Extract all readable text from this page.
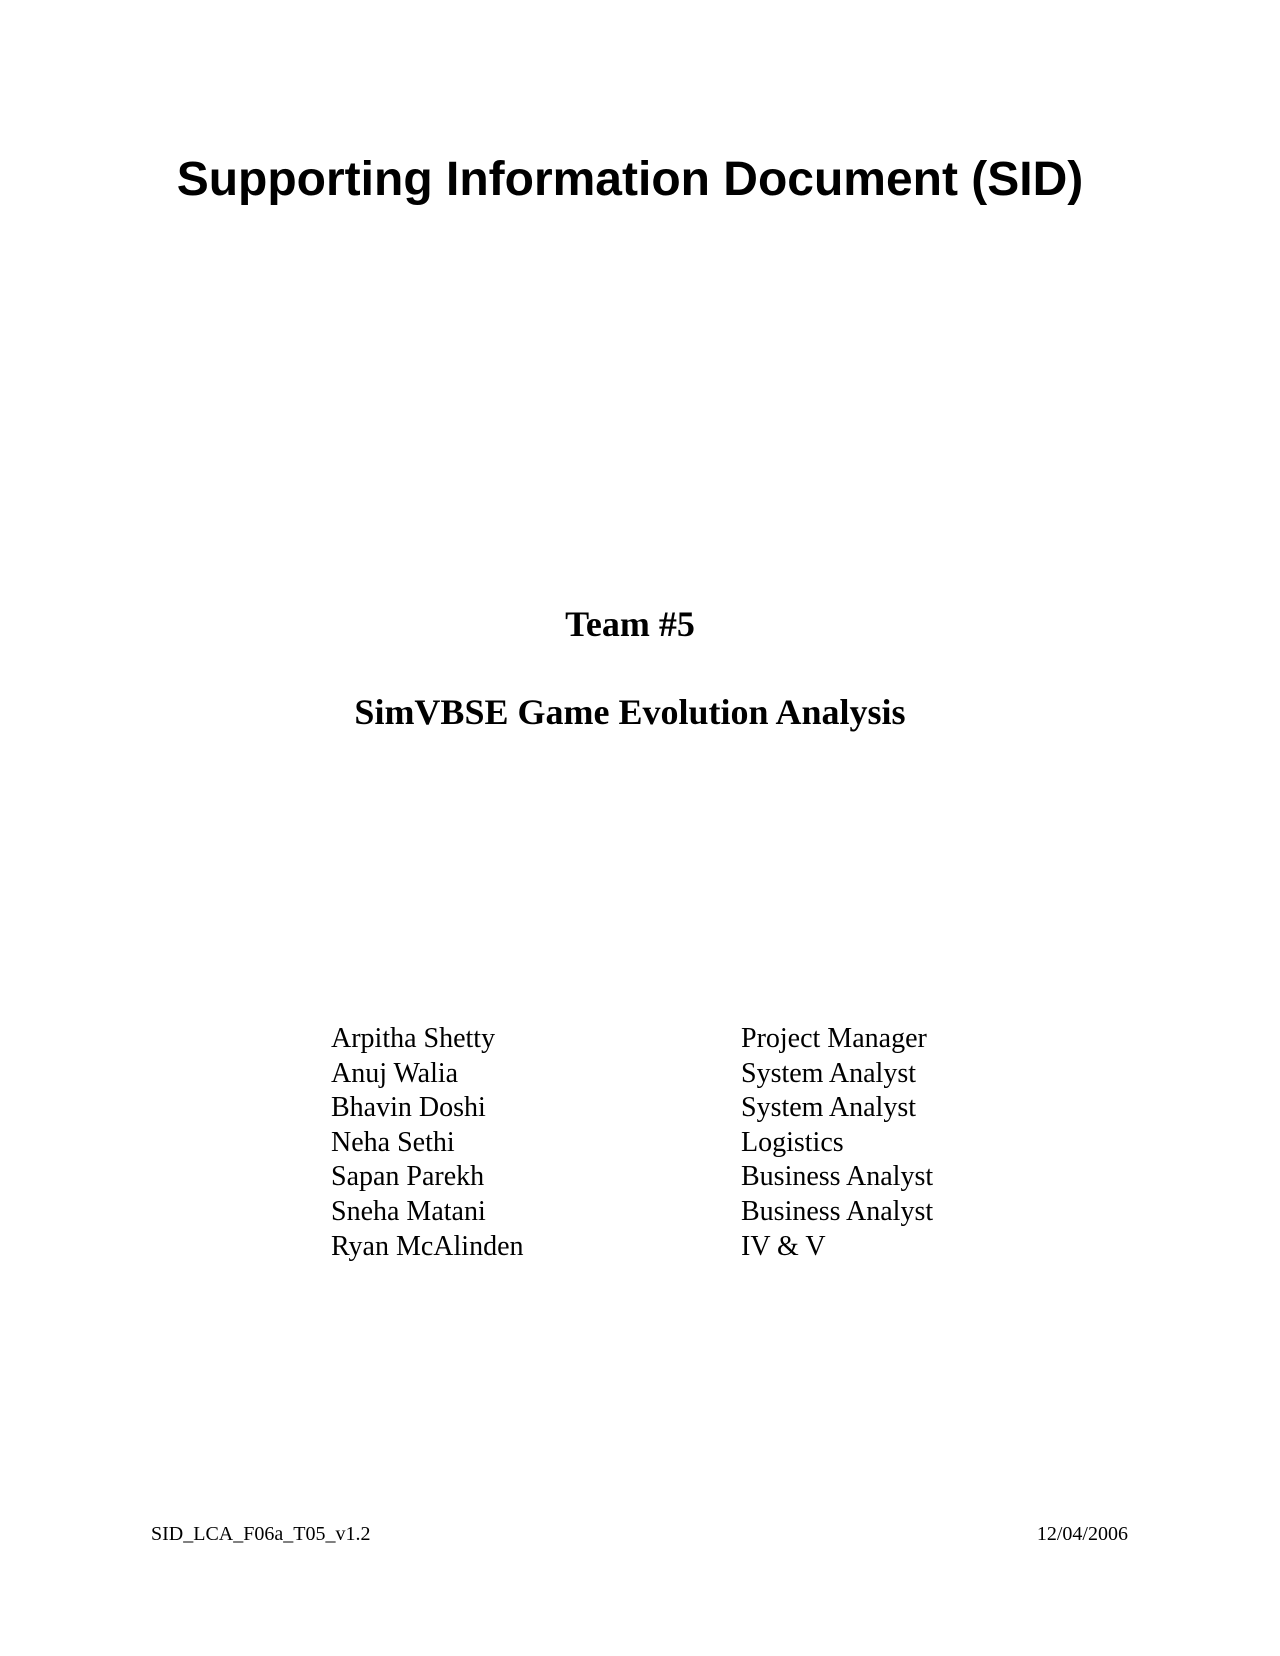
Supporting Information Document (SID)
Team #5
SimVBSE Game Evolution Analysis
Arpitha Shetty	Project Manager
Anuj Walia	System Analyst
Bhavin Doshi	System Analyst
Neha Sethi	Logistics
Sapan Parekh	Business Analyst
Sneha Matani	Business Analyst
Ryan McAlinden	IV & V
SID_LCA_F06a_T05_v1.2	12/04/2006
